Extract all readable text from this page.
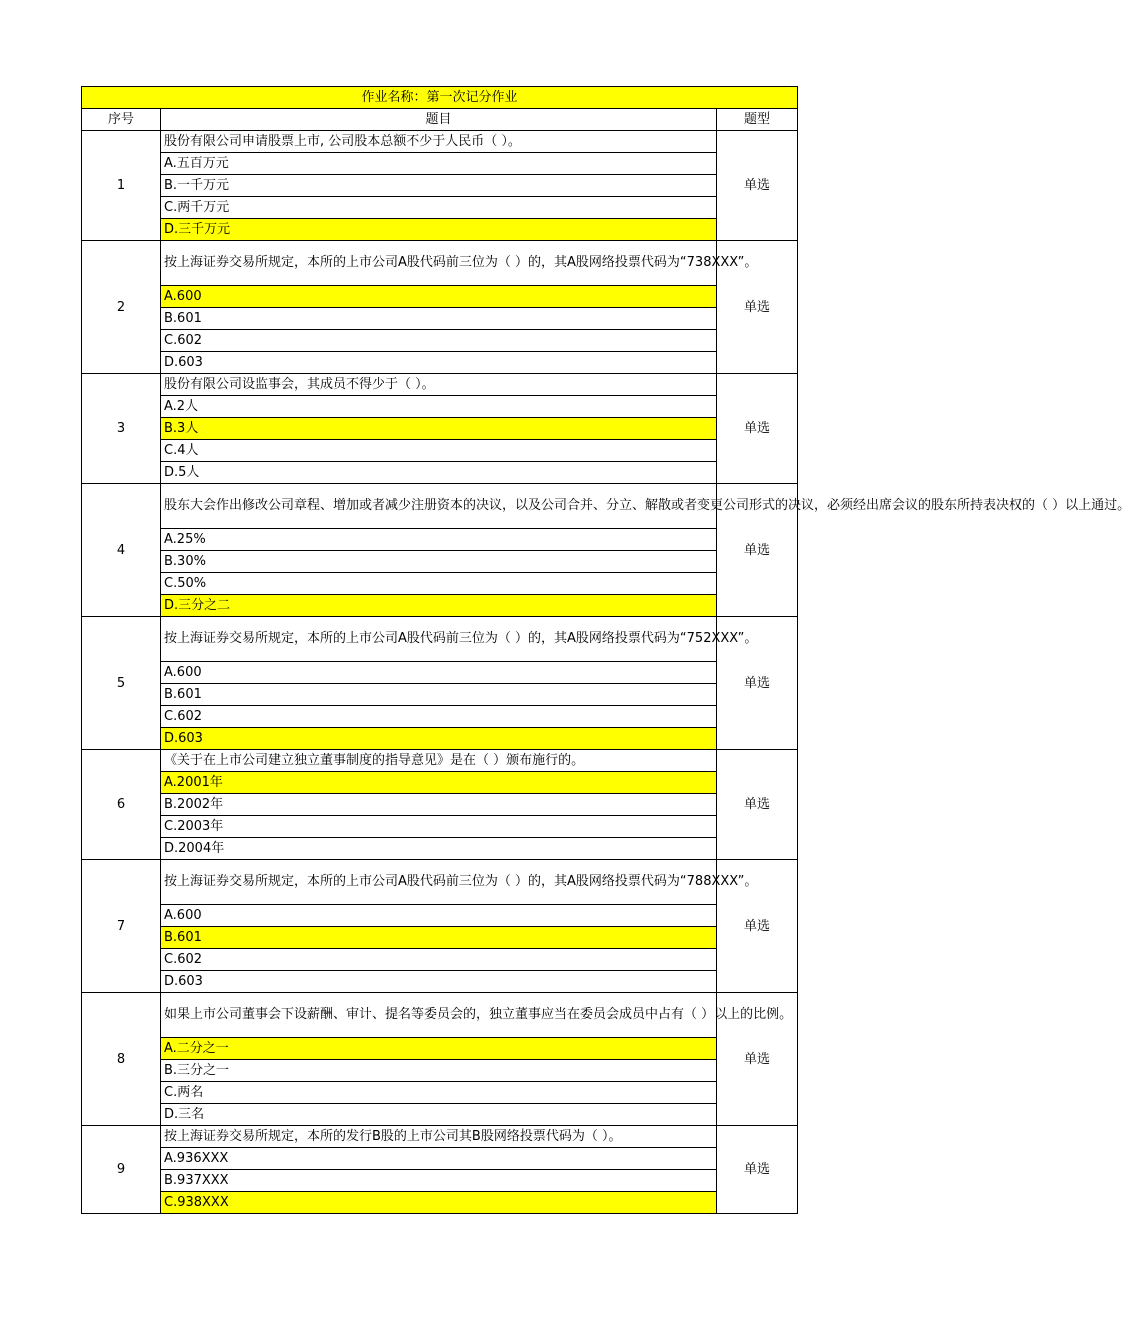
作业名称：第一次记分作业		
序号	题目	题型
1	股份有限公司申请股票上市, 公司股本总额不少于人民币（ ）。	单选
	A.五百万元	
	B.一千万元	
	C.两千万元	
	D.三千万元	
2	按上海证券交易所规定，本所的上市公司A股代码前三位为（ ）的，其A股网络投票代码为“738XXX”。	单选
	A.600	
	B.601	
	C.602	
	D.603	
3	股份有限公司设监事会，其成员不得少于（ ）。	单选
	A.2人	
	B.3人	
	C.4人	
	D.5人	
4	股东大会作出修改公司章程、增加或者减少注册资本的决议，以及公司合并、分立、解散或者变更公司形式的决议，必须经出席会议的股东所持表决权的（ ）以上通过。	单选
	A.25%	
	B.30%	
	C.50%	
	D.三分之二	
5	按上海证券交易所规定，本所的上市公司A股代码前三位为（ ）的，其A股网络投票代码为“752XXX”。	单选
	A.600	
	B.601	
	C.602	
	D.603	
6	《关于在上市公司建立独立董事制度的指导意见》是在（ ）颁布施行的。	单选
	A.2001年	
	B.2002年	
	C.2003年	
	D.2004年	
7	按上海证券交易所规定，本所的上市公司A股代码前三位为（ ）的，其A股网络投票代码为“788XXX”。	单选
	A.600	
	B.601	
	C.602	
	D.603	
8	如果上市公司董事会下设薪酬、审计、提名等委员会的，独立董事应当在委员会成员中占有（ ）以上的比例。	单选
	A.二分之一	
	B.三分之一	
	C.两名	
	D.三名	
9	按上海证券交易所规定，本所的发行B股的上市公司其B股网络投票代码为（ ）。	单选
	A.936XXX	
	B.937XXX	
	C.938XXX	
